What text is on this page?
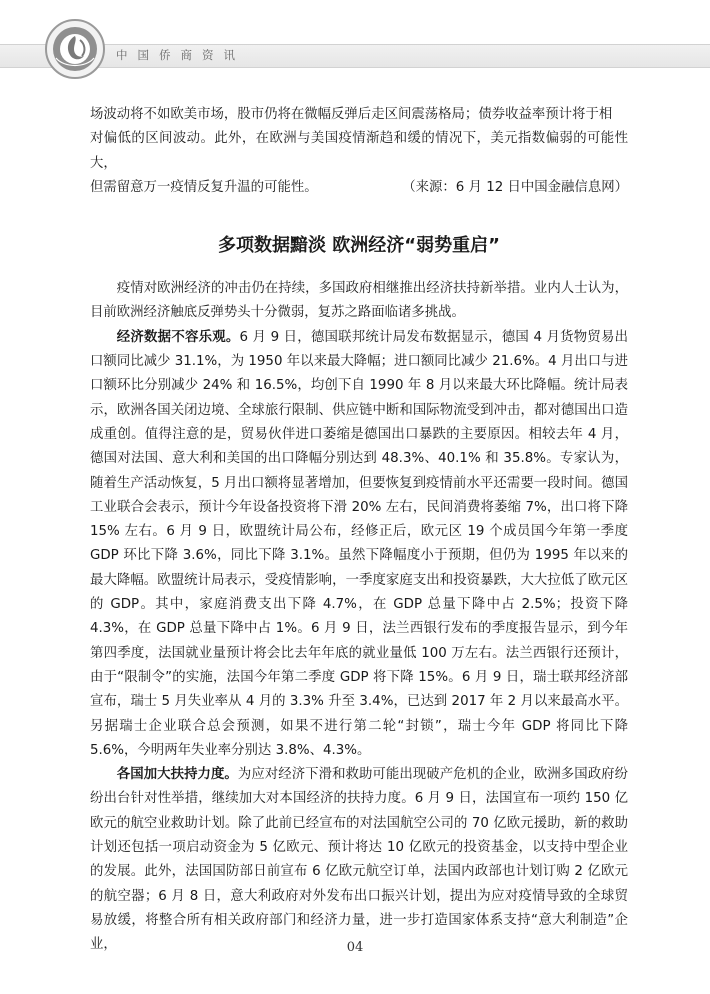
中国侨商资讯

场波动将不如欧美市场，股市仍将在微幅反弹后走区间震荡格局；债券收益率预计将于相
对偏低的区间波动。此外，在欧洲与美国疫情渐趋和缓的情况下，美元指数偏弱的可能性大，

但需留意万一疫情反复升温的可能性。	（来源：6 月 12 日中国金融信息网）

多项数据黯淡 欧洲经济“弱势重启”

疫情对欧洲经济的冲击仍在持续，多国政府相继推出经济扶持新举措。业内人士认为，目前欧洲经济触底反弹势头十分微弱，复苏之路面临诸多挑战。

经济数据不容乐观。6 月 9 日，德国联邦统计局发布数据显示，德国 4 月货物贸易出口额同比减少 31.1%，为 1950 年以来最大降幅；进口额同比减少 21.6%。4 月出口与进口额环比分别减少 24% 和 16.5%，均创下自 1990 年 8 月以来最大环比降幅。统计局表示，欧洲各国关闭边境、全球旅行限制、供应链中断和国际物流受到冲击，都对德国出口造成重创。值得注意的是，贸易伙伴进口萎缩是德国出口暴跌的主要原因。相较去年 4 月，德国对法国、意大利和美国的出口降幅分别达到 48.3%、40.1% 和 35.8%。专家认为，随着生产活动恢复，5 月出口额将显著增加，但要恢复到疫情前水平还需要一段时间。德国工业联合会表示，预计今年设备投资将下滑 20% 左右，民间消费将萎缩 7%，出口将下降 15% 左右。6 月 9 日，欧盟统计局公布，经修正后，欧元区 19 个成员国今年第一季度 GDP 环比下降 3.6%，同比下降 3.1%。虽然下降幅度小于预期，但仍为 1995 年以来的最大降幅。欧盟统计局表示，受疫情影响，一季度家庭支出和投资暴跌，大大拉低了欧元区的 GDP。其中，家庭消费支出下降 4.7%，在 GDP 总量下降中占 2.5%；投资下降 4.3%，在 GDP 总量下降中占 1%。6 月 9 日，法兰西银行发布的季度报告显示，到今年第四季度，法国就业量预计将会比去年年底的就业量低 100 万左右。法兰西银行还预计，由于“限制令”的实施，法国今年第二季度 GDP 将下降 15%。6 月 9 日，瑞士联邦经济部宣布，瑞士 5 月失业率从 4 月的 3.3% 升至 3.4%，已达到 2017 年 2 月以来最高水平。另据瑞士企业联合总会预测，如果不进行第二轮“封锁”，瑞士今年 GDP 将同比下降 5.6%，今明两年失业率分别达 3.8%、4.3%。

各国加大扶持力度。为应对经济下滑和救助可能出现破产危机的企业，欧洲多国政府纷纷出台针对性举措，继续加大对本国经济的扶持力度。6 月 9 日，法国宣布一项约 150 亿欧元的航空业救助计划。除了此前已经宣布的对法国航空公司的 70 亿欧元援助，新的救助计划还包括一项启动资金为 5 亿欧元、预计将达 10 亿欧元的投资基金，以支持中型企业的发展。此外，法国国防部日前宣布 6 亿欧元航空订单，法国内政部也计划订购 2 亿欧元的航空器；6 月 8 日，意大利政府对外发布出口振兴计划，提出为应对疫情导致的全球贸易放缓，将整合所有相关政府部门和经济力量，进一步打造国家体系支持“意大利制造”企业，	04
